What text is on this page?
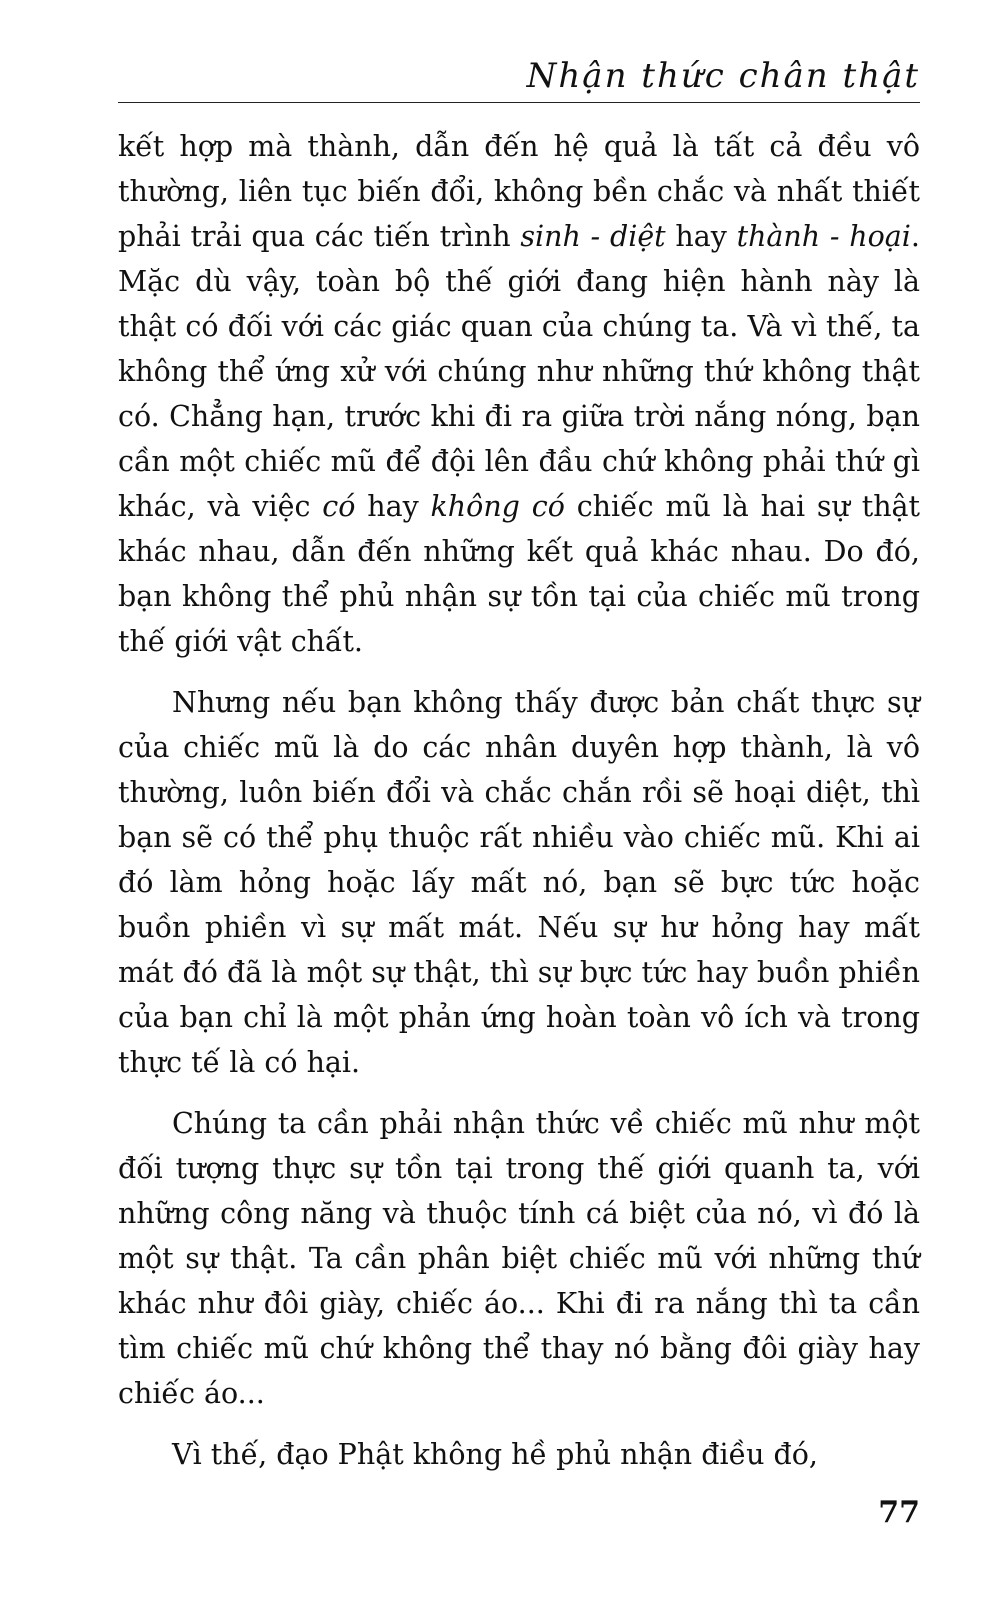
Nhận thức chân thật

kết hợp mà thành, dẫn đến hệ quả là tất cả đều vô thường, liên tục biến đổi, không bền chắc và nhất thiết phải trải qua các tiến trình sinh - diệt hay thành - hoại. Mặc dù vậy, toàn bộ thế giới đang hiện hành này là thật có đối với các giác quan của chúng ta. Và vì thế, ta không thể ứng xử với chúng như những thứ không thật có. Chẳng hạn, trước khi đi ra giữa trời nắng nóng, bạn cần một chiếc mũ để đội lên đầu chứ không phải thứ gì khác, và việc có hay không có chiếc mũ là hai sự thật khác nhau, dẫn đến những kết quả khác nhau. Do đó, bạn không thể phủ nhận sự tồn tại của chiếc mũ trong thế giới vật chất.

Nhưng nếu bạn không thấy được bản chất thực sự của chiếc mũ là do các nhân duyên hợp thành, là vô thường, luôn biến đổi và chắc chắn rồi sẽ hoại diệt, thì bạn sẽ có thể phụ thuộc rất nhiều vào chiếc mũ. Khi ai đó làm hỏng hoặc lấy mất nó, bạn sẽ bực tức hoặc buồn phiền vì sự mất mát. Nếu sự hư hỏng hay mất mát đó đã là một sự thật, thì sự bực tức hay buồn phiền của bạn chỉ là một phản ứng hoàn toàn vô ích và trong thực tế là có hại.

Chúng ta cần phải nhận thức về chiếc mũ như một đối tượng thực sự tồn tại trong thế giới quanh ta, với những công năng và thuộc tính cá biệt của nó, vì đó là một sự thật. Ta cần phân biệt chiếc mũ với những thứ khác như đôi giày, chiếc áo... Khi đi ra nắng thì ta cần tìm chiếc mũ chứ không thể thay nó bằng đôi giày hay chiếc áo...

Vì thế, đạo Phật không hề phủ nhận điều đó,

77
